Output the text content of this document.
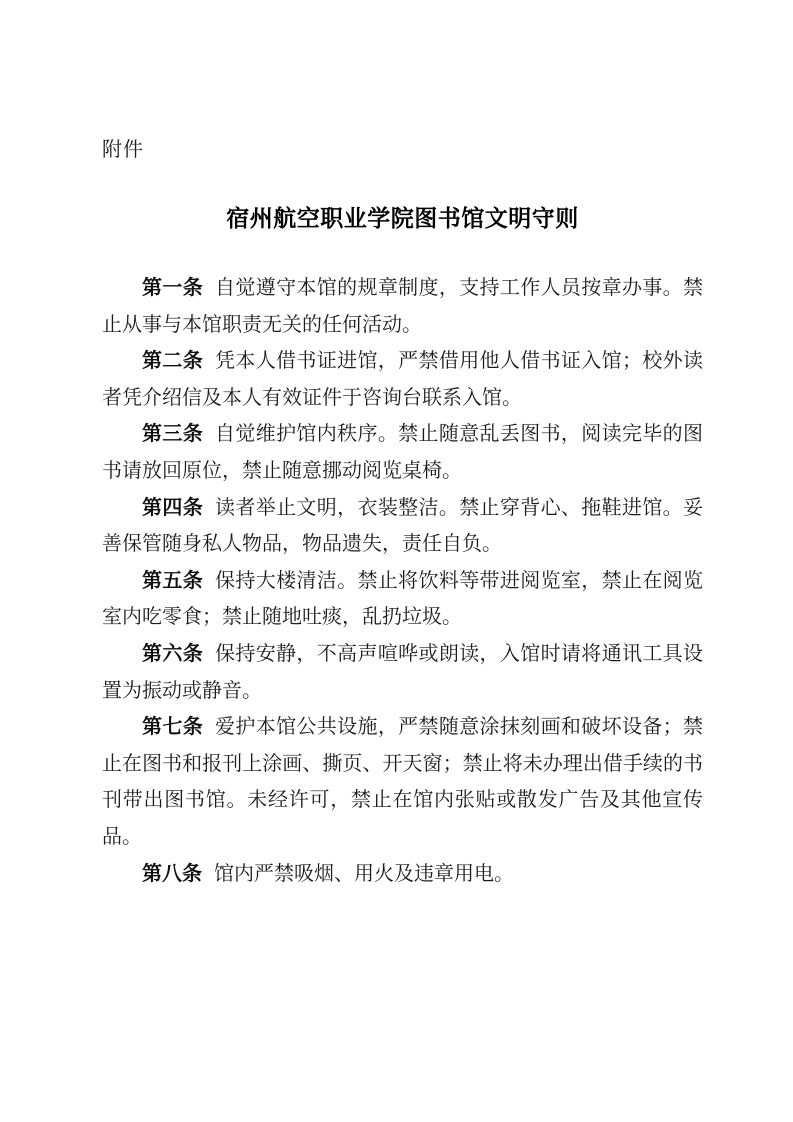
附件
宿州航空职业学院图书馆文明守则

第一条 自觉遵守本馆的规章制度，支持工作人员按章办事。禁止从事与本馆职责无关的任何活动。

第二条 凭本人借书证进馆，严禁借用他人借书证入馆；校外读者凭介绍信及本人有效证件于咨询台联系入馆。

第三条 自觉维护馆内秩序。禁止随意乱丢图书，阅读完毕的图书请放回原位，禁止随意挪动阅览桌椅。

第四条 读者举止文明，衣装整洁。禁止穿背心、拖鞋进馆。妥善保管随身私人物品，物品遗失，责任自负。

第五条 保持大楼清洁。禁止将饮料等带进阅览室，禁止在阅览室内吃零食；禁止随地吐痰，乱扔垃圾。

第六条 保持安静，不高声喧哗或朗读，入馆时请将通讯工具设置为振动或静音。

第七条 爱护本馆公共设施，严禁随意涂抹刻画和破坏设备；禁止在图书和报刊上涂画、撕页、开天窗；禁止将未办理出借手续的书刊带出图书馆。未经许可，禁止在馆内张贴或散发广告及其他宣传品。

第八条 馆内严禁吸烟、用火及违章用电。
